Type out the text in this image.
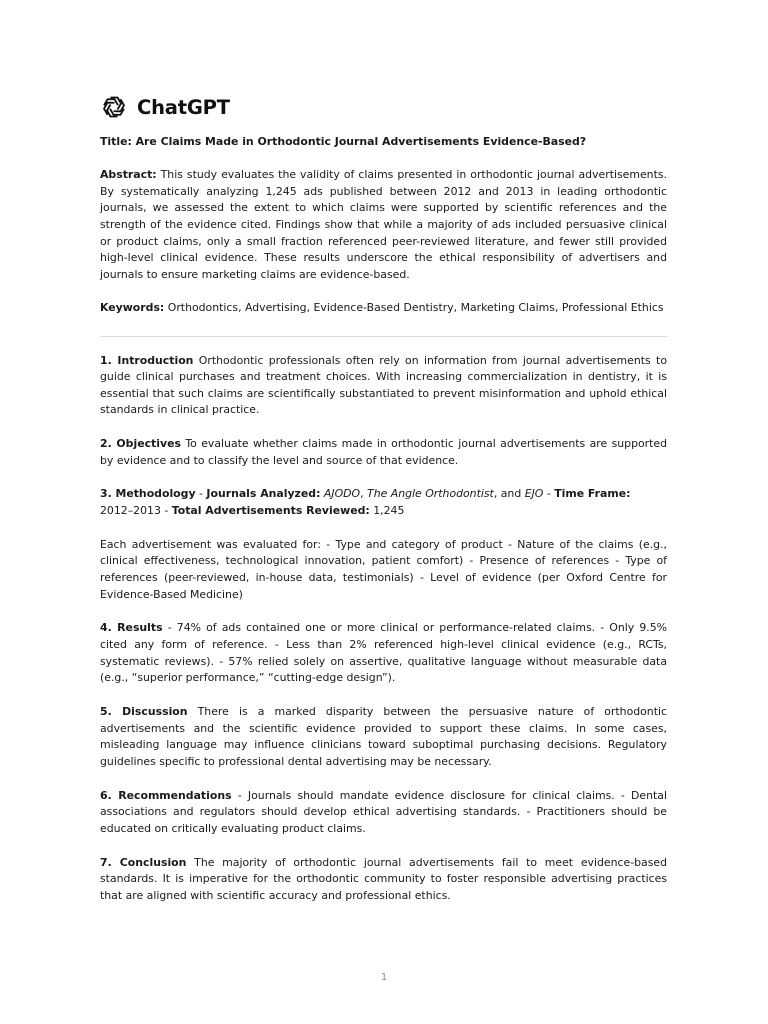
ChatGPT

Title: Are Claims Made in Orthodontic Journal Advertisements Evidence-Based?

Abstract: This study evaluates the validity of claims presented in orthodontic journal advertisements. By systematically analyzing 1,245 ads published between 2012 and 2013 in leading orthodontic journals, we assessed the extent to which claims were supported by scientific references and the strength of the evidence cited. Findings show that while a majority of ads included persuasive clinical or product claims, only a small fraction referenced peer-reviewed literature, and fewer still provided high-level clinical evidence. These results underscore the ethical responsibility of advertisers and journals to ensure marketing claims are evidence-based.

Keywords: Orthodontics, Advertising, Evidence-Based Dentistry, Marketing Claims, Professional Ethics

1. Introduction Orthodontic professionals often rely on information from journal advertisements to guide clinical purchases and treatment choices. With increasing commercialization in dentistry, it is essential that such claims are scientifically substantiated to prevent misinformation and uphold ethical standards in clinical practice.

2. Objectives To evaluate whether claims made in orthodontic journal advertisements are supported by evidence and to classify the level and source of that evidence.

3. Methodology - Journals Analyzed: AJODO, The Angle Orthodontist, and EJO - Time Frame: 2012–2013 - Total Advertisements Reviewed: 1,245

Each advertisement was evaluated for: - Type and category of product - Nature of the claims (e.g., clinical effectiveness, technological innovation, patient comfort) - Presence of references - Type of references (peer-reviewed, in-house data, testimonials) - Level of evidence (per Oxford Centre for Evidence-Based Medicine)

4. Results - 74% of ads contained one or more clinical or performance-related claims. - Only 9.5% cited any form of reference. - Less than 2% referenced high-level clinical evidence (e.g., RCTs, systematic reviews). - 57% relied solely on assertive, qualitative language without measurable data (e.g., “superior performance,” “cutting-edge design”).

5. Discussion There is a marked disparity between the persuasive nature of orthodontic advertisements and the scientific evidence provided to support these claims. In some cases, misleading language may influence clinicians toward suboptimal purchasing decisions. Regulatory guidelines specific to professional dental advertising may be necessary.

6. Recommendations - Journals should mandate evidence disclosure for clinical claims. - Dental associations and regulators should develop ethical advertising standards. - Practitioners should be educated on critically evaluating product claims.

7. Conclusion The majority of orthodontic journal advertisements fail to meet evidence-based standards. It is imperative for the orthodontic community to foster responsible advertising practices that are aligned with scientific accuracy and professional ethics.

1
